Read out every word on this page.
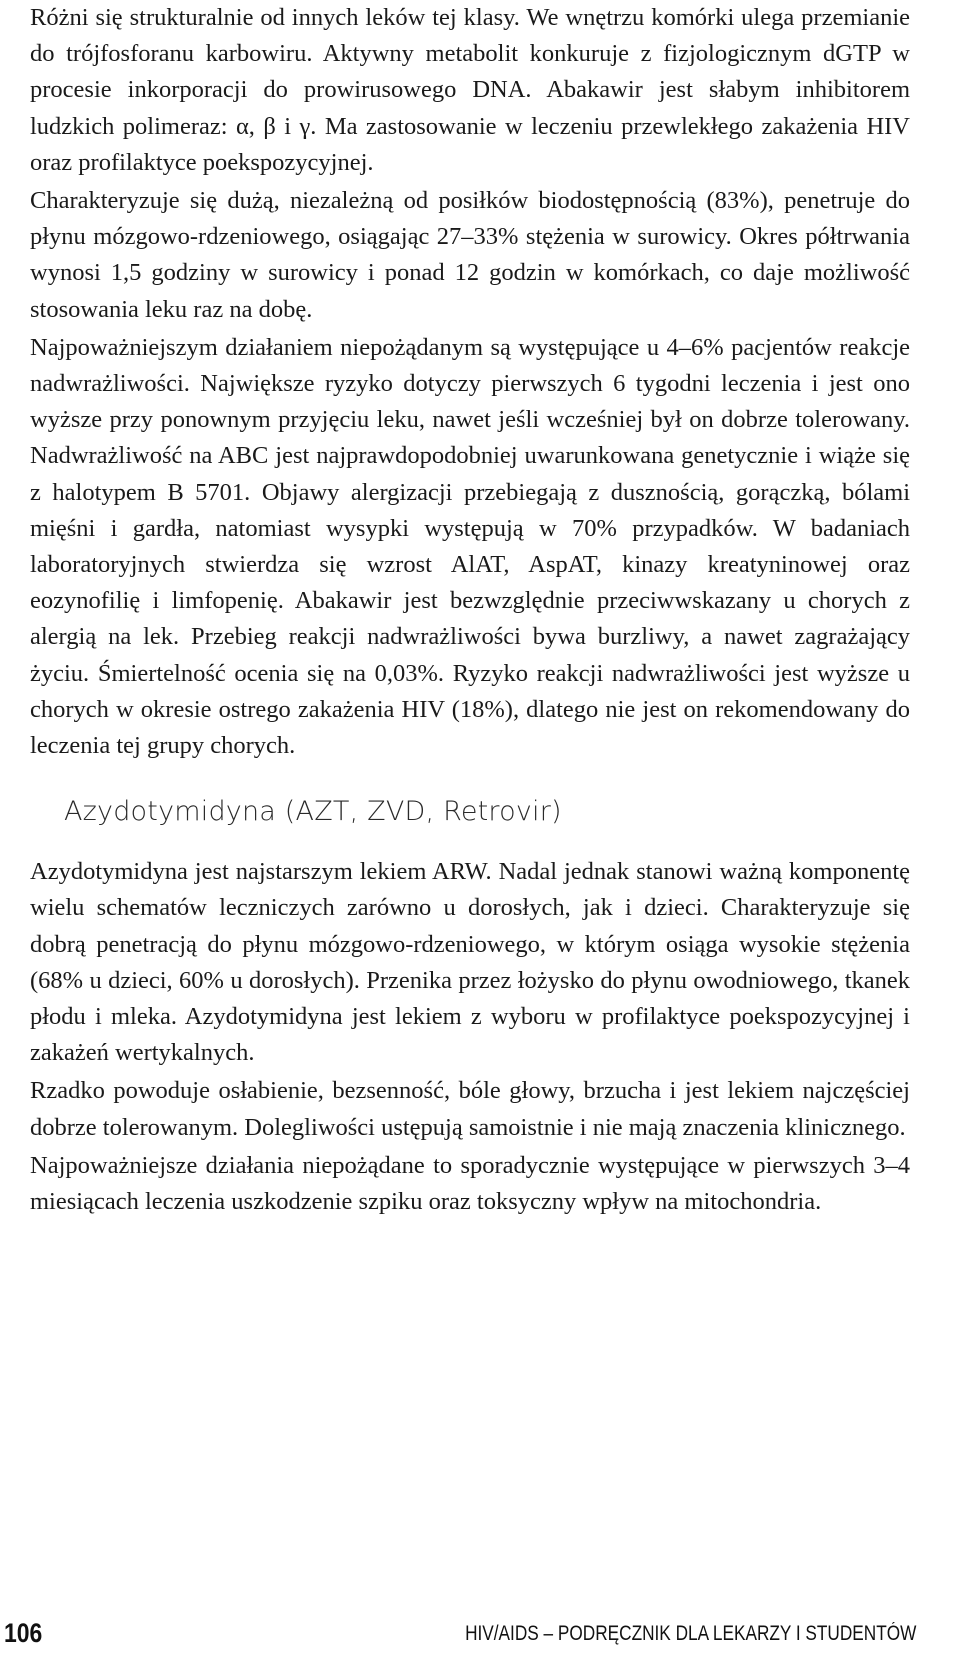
Różni się strukturalnie od innych leków tej klasy. We wnętrzu komórki ulega przemianie do trójfosforanu karbowiru. Aktywny metabolit konkuruje z fizjologicznym dGTP w procesie inkorporacji do prowirusowego DNA. Abakawir jest słabym inhibitorem ludzkich polimeraz: α, β i γ. Ma zastosowanie w leczeniu przewlekłego zakażenia HIV oraz profilaktyce poekspozycyjnej.

Charakteryzuje się dużą, niezależną od posiłków biodostępnością (83%), penetruje do płynu mózgowo-rdzeniowego, osiągając 27–33% stężenia w surowicy. Okres półtrwania wynosi 1,5 godziny w surowicy i ponad 12 godzin w komórkach, co daje możliwość stosowania leku raz na dobę.

Najpoważniejszym działaniem niepożądanym są występujące u 4–6% pacjentów reakcje nadwrażliwości. Największe ryzyko dotyczy pierwszych 6 tygodni leczenia i jest ono wyższe przy ponownym przyjęciu leku, nawet jeśli wcześniej był on dobrze tolerowany. Nadwrażliwość na ABC jest najprawdopodobniej uwarunkowana genetycznie i wiąże się z halotypem B 5701. Objawy alergizacji przebiegają z dusznością, gorączką, bólami mięśni i gardła, natomiast wysypki występują w 70% przypadków. W badaniach laboratoryjnych stwierdza się wzrost AlAT, AspAT, kinazy kreatyninowej oraz eozynofilię i limfopenię. Abakawir jest bezwzględnie przeciwwskazany u chorych z alergią na lek. Przebieg reakcji nadwrażliwości bywa burzliwy, a nawet zagrażający życiu. Śmiertelność ocenia się na 0,03%. Ryzyko reakcji nadwrażliwości jest wyższe u chorych w okresie ostrego zakażenia HIV (18%), dlatego nie jest on rekomendowany do leczenia tej grupy chorych.

Azydotymidyna (AZT, ZVD, Retrovir)

Azydotymidyna jest najstarszym lekiem ARW. Nadal jednak stanowi ważną komponentę wielu schematów leczniczych zarówno u dorosłych, jak i dzieci. Charakteryzuje się dobrą penetracją do płynu mózgowo-rdzeniowego, w którym osiąga wysokie stężenia (68% u dzieci, 60% u dorosłych). Przenika przez łożysko do płynu owodniowego, tkanek płodu i mleka. Azydotymidyna jest lekiem z wyboru w profilaktyce poekspozycyjnej i zakażeń wertykalnych.

Rzadko powoduje osłabienie, bezsenność, bóle głowy, brzucha i jest lekiem najczęściej dobrze tolerowanym. Dolegliwości ustępują samoistnie i nie mają znaczenia klinicznego.

Najpoważniejsze działania niepożądane to sporadycznie występujące w pierwszych 3–4 miesiącach leczenia uszkodzenie szpiku oraz toksyczny wpływ na mitochondria.

106	HIV/AIDS – PODRĘCZNIK DLA LEKARZY I STUDENTÓW
